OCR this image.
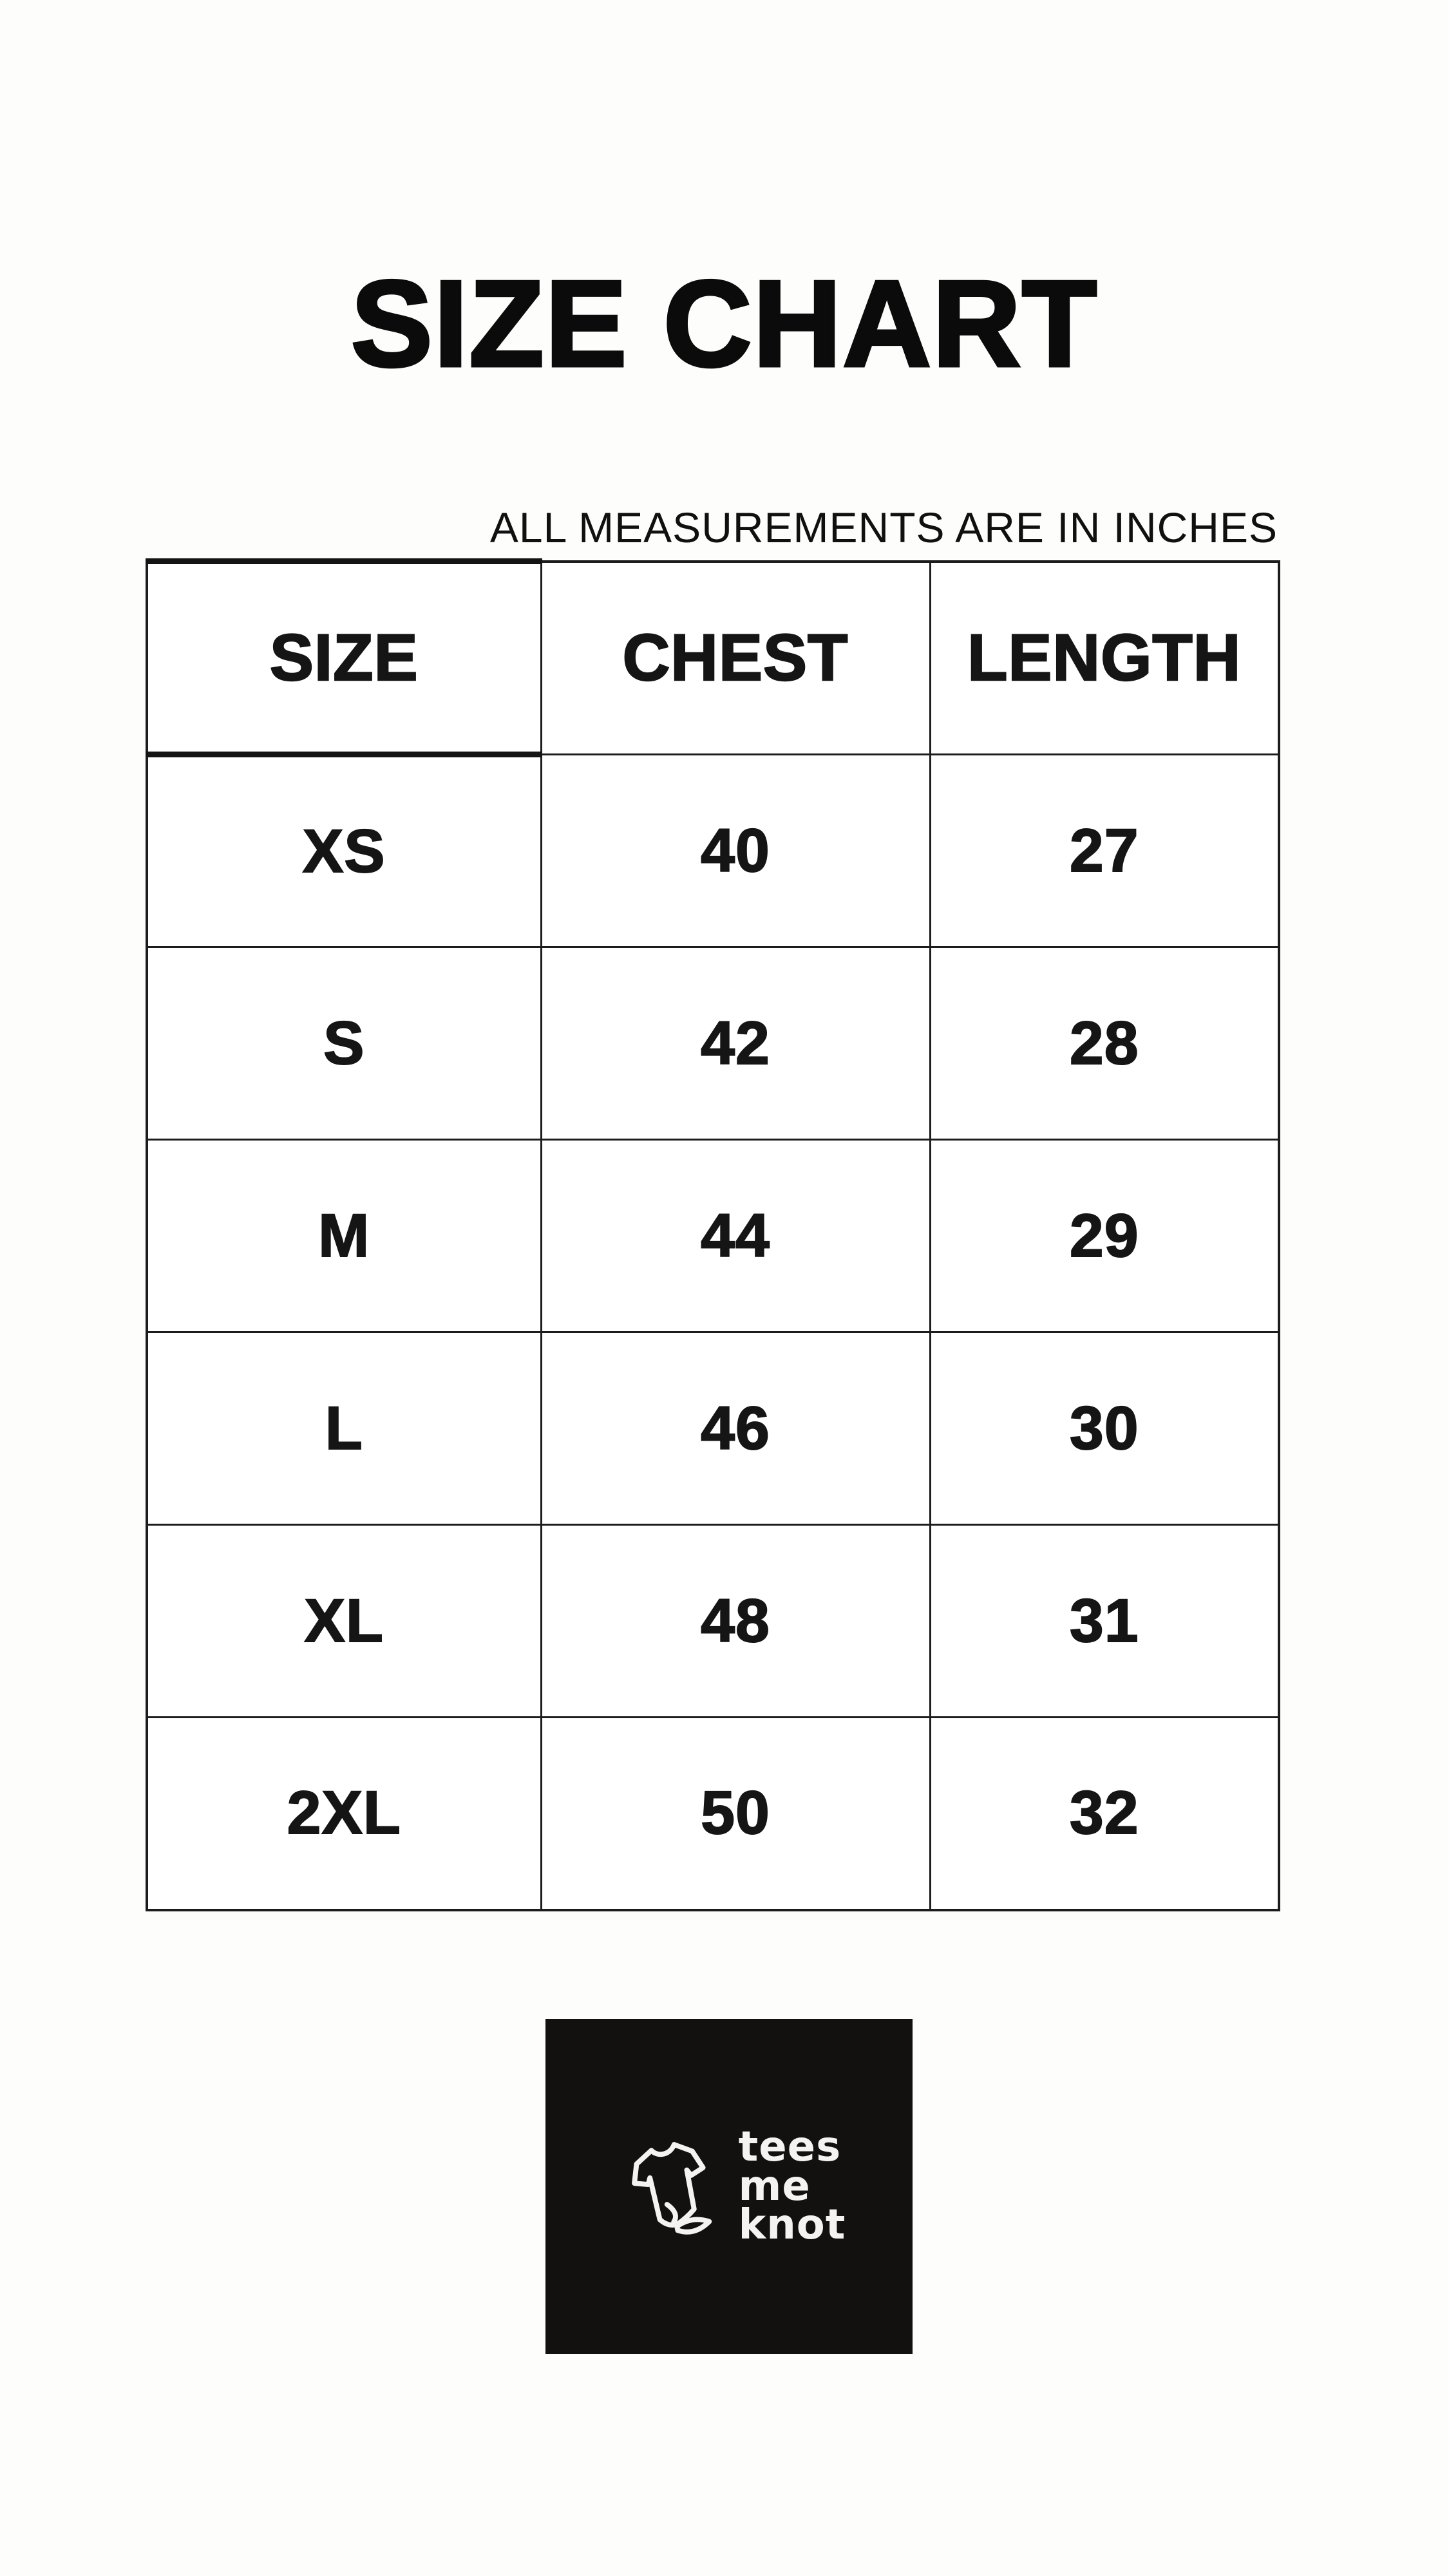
SIZE CHART
ALL MEASUREMENTS ARE IN INCHES
SIZE	CHEST	LENGTH
XS	40	27
S	42	28
M	44	29
L	46	30
XL	48	31
2XL	50	32
tees
me
knot
